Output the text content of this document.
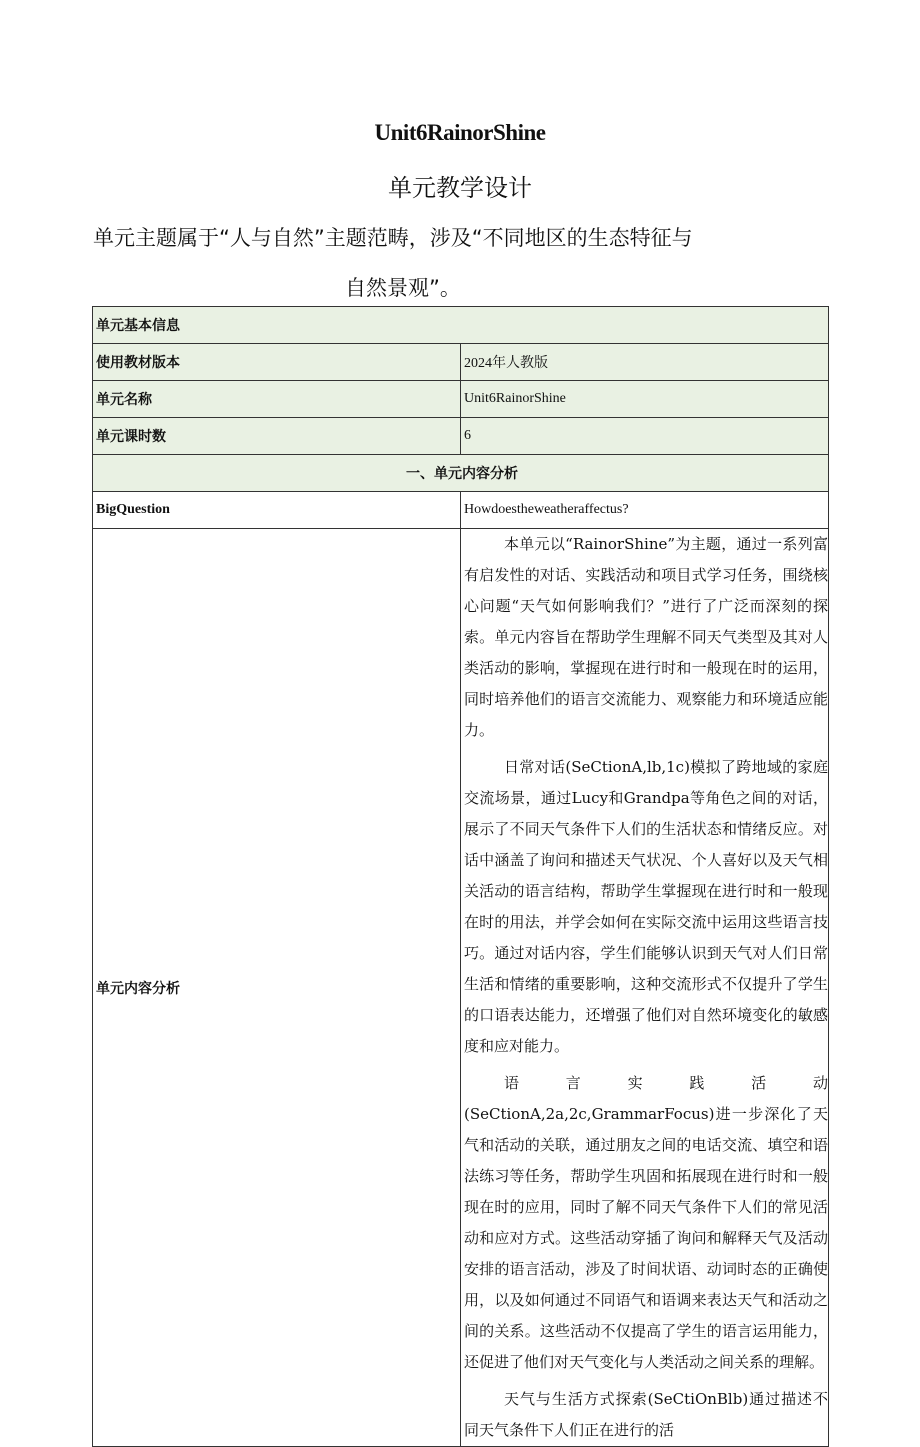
Unit6RainorShine
单元教学设计
单元主题属于“人与自然”主题范畴，涉及“不同地区的生态特征与
自然景观”。
单元基本信息	
使用教材版本	2024年人教版
单元名称	Unit6RainorShine
单元课时数	6
一、单元内容分析	
BigQuestion	Howdoestheweatheraffectus?
单元内容分析	本单元以“RainorShine”为主题，通过一系列富有启发性的对话、实践活动和项目式学习任务，围绕核心问题“天气如何影响我们？”进行了广泛而深刻的探索。单元内容旨在帮助学生理解不同天气类型及其对人类活动的影响，掌握现在进行时和一般现在时的运用，同时培养他们的语言交流能力、观察能力和环境适应能力。

日常对话(SeCtionA,lb,1c)模拟了跨地域的家庭交流场景，通过Lucy和Grandpa等角色之间的对话，展示了不同天气条件下人们的生活状态和情绪反应。对话中涵盖了询问和描述天气状况、个人喜好以及天气相关活动的语言结构，帮助学生掌握现在进行时和一般现在时的用法，并学会如何在实际交流中运用这些语言技巧。通过对话内容，学生们能够认识到天气对人们日常生活和情绪的重要影响，这种交流形式不仅提升了学生的口语表达能力，还增强了他们对自然环境变化的敏感度和应对能力。

语言实践活动(SeCtionA,2a,2c,GrammarFocus)进一步深化了天气和活动的关联，通过朋友之间的电话交流、填空和语法练习等任务，帮助学生巩固和拓展现在进行时和一般现在时的应用，同时了解不同天气条件下人们的常见活动和应对方式。这些活动穿插了询问和解释天气及活动安排的语言活动，涉及了时间状语、动词时态的正确使用，以及如何通过不同语气和语调来表达天气和活动之间的关系。这些活动不仅提高了学生的语言运用能力，还促进了他们对天气变化与人类活动之间关系的理解。

天气与生活方式探索(SeCtiOnBlb)通过描述不同天气条件下人们正在进行的活
